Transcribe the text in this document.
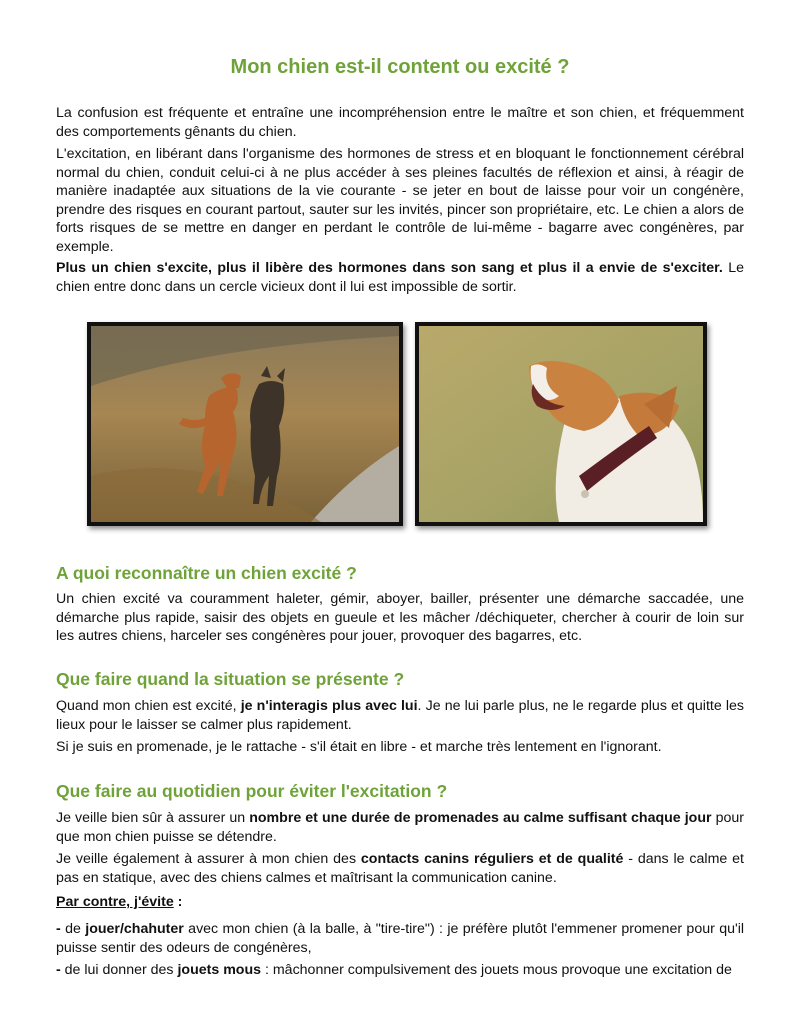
Mon chien est-il content ou excité ?

La confusion est fréquente et entraîne une incompréhension entre le maître et son chien, et fréquemment des comportements gênants du chien.

L'excitation, en libérant dans l'organisme des hormones de stress et en bloquant le fonctionnement cérébral normal du chien, conduit celui-ci à ne plus accéder à ses pleines facultés de réflexion et ainsi, à réagir de manière inadaptée aux situations de la vie courante - se jeter en bout de laisse pour voir un congénère, prendre des risques en courant partout, sauter sur les invités, pincer son propriétaire, etc. Le chien a alors de forts risques de se mettre en danger en perdant le contrôle de lui-même - bagarre avec congénères, par exemple.

Plus un chien s'excite, plus il libère des hormones dans son sang et plus il a envie de s'exciter. Le chien entre donc dans un cercle vicieux dont il lui est impossible de sortir.

A quoi reconnaître un chien excité ?

Un chien excité va couramment haleter, gémir, aboyer, bailler, présenter une démarche saccadée, une démarche plus rapide, saisir des objets en gueule et les mâcher /déchiqueter, chercher à courir de loin sur les autres chiens, harceler ses congénères pour jouer, provoquer des bagarres, etc.

Que faire quand la situation se présente ?

Quand mon chien est excité, je n'interagis plus avec lui. Je ne lui parle plus, ne le regarde plus et quitte les lieux pour le laisser se calmer plus rapidement.

Si je suis en promenade, je le rattache - s'il était en libre - et marche très lentement en l'ignorant.

Que faire au quotidien pour éviter l'excitation ?

Je veille bien sûr à assurer un nombre et une durée de promenades au calme suffisant chaque jour pour que mon chien puisse se détendre.

Je veille également à assurer à mon chien des contacts canins réguliers et de qualité - dans le calme et pas en statique, avec des chiens calmes et maîtrisant la communication canine.

Par contre, j'évite :

- de jouer/chahuter avec mon chien (à la balle, à "tire-tire") : je préfère plutôt l'emmener promener pour qu'il puisse sentir des odeurs de congénères,

- de lui donner des jouets mous : mâchonner compulsivement des jouets mous provoque une excitation de
